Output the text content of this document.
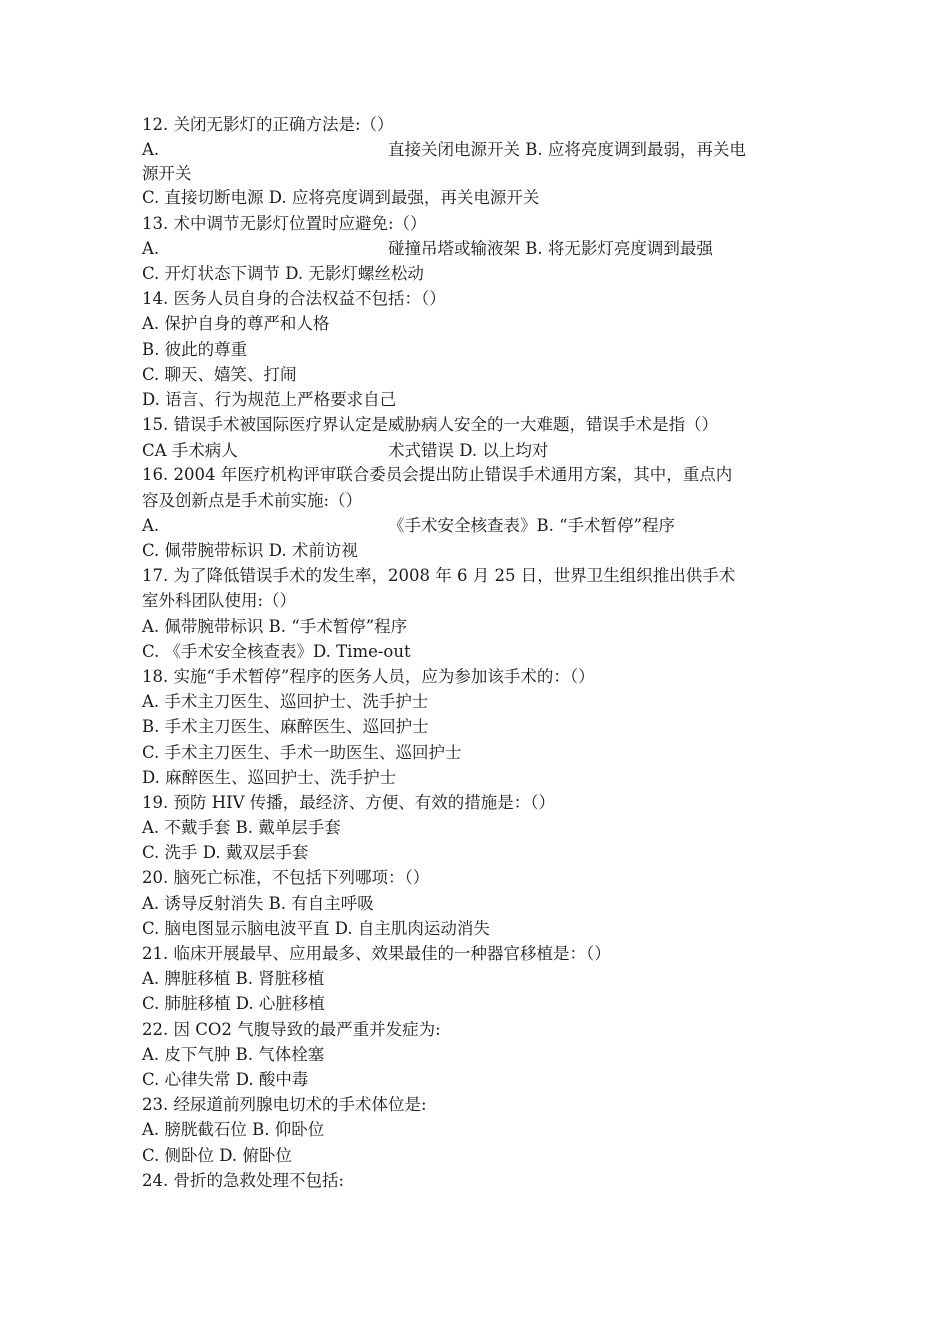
12. 关闭无影灯的正确方法是:（）
A.	直接关闭电源开关 B. 应将亮度调到最弱，再关电
源开关
C. 直接切断电源 D. 应将亮度调到最强，再关电源开关
13. 术中调节无影灯位置时应避免:（）
A.	碰撞吊塔或输液架 B. 将无影灯亮度调到最强
C. 开灯状态下调节 D. 无影灯螺丝松动
14. 医务人员自身的合法权益不包括：（）
A. 保护自身的尊严和人格
B. 彼此的尊重
C. 聊天、嬉笑、打闹
D. 语言、行为规范上严格要求自己
15. 错误手术被国际医疗界认定是威胁病人安全的一大难题，错误手术是指（）
CA 手术病人	术式错误 D. 以上均对
16. 2004 年医疗机构评审联合委员会提出防止错误手术通用方案，其中，重点内
容及创新点是手术前实施:（）
A.	《手术安全核查表》B. “手术暂停”程序
C. 佩带腕带标识 D. 术前访视
17. 为了降低错误手术的发生率，2008 年 6 月 25 日，世界卫生组织推出供手术
室外科团队使用:（）
A. 佩带腕带标识 B. “手术暂停”程序
C. 《手术安全核查表》D. Time-out
18. 实施“手术暂停”程序的医务人员，应为参加该手术的：（）
A. 手术主刀医生、巡回护士、洗手护士
B. 手术主刀医生、麻醉医生、巡回护士
C. 手术主刀医生、手术一助医生、巡回护士
D. 麻醉医生、巡回护士、洗手护士
19. 预防 HIV 传播，最经济、方便、有效的措施是：（）
A. 不戴手套 B. 戴单层手套
C. 洗手 D. 戴双层手套
20. 脑死亡标准，不包括下列哪项：（）
A. 诱导反射消失 B. 有自主呼吸
C. 脑电图显示脑电波平直 D. 自主肌肉运动消失
21. 临床开展最早、应用最多、效果最佳的一种器官移植是：（）
A. 脾脏移植 B. 肾脏移植
C. 肺脏移植 D. 心脏移植
22. 因 CO2 气腹导致的最严重并发症为:
A. 皮下气肿 B. 气体栓塞
C. 心律失常 D. 酸中毒
23. 经尿道前列腺电切术的手术体位是:
A. 膀胱截石位 B. 仰卧位
C. 侧卧位 D. 俯卧位
24. 骨折的急救处理不包括:
